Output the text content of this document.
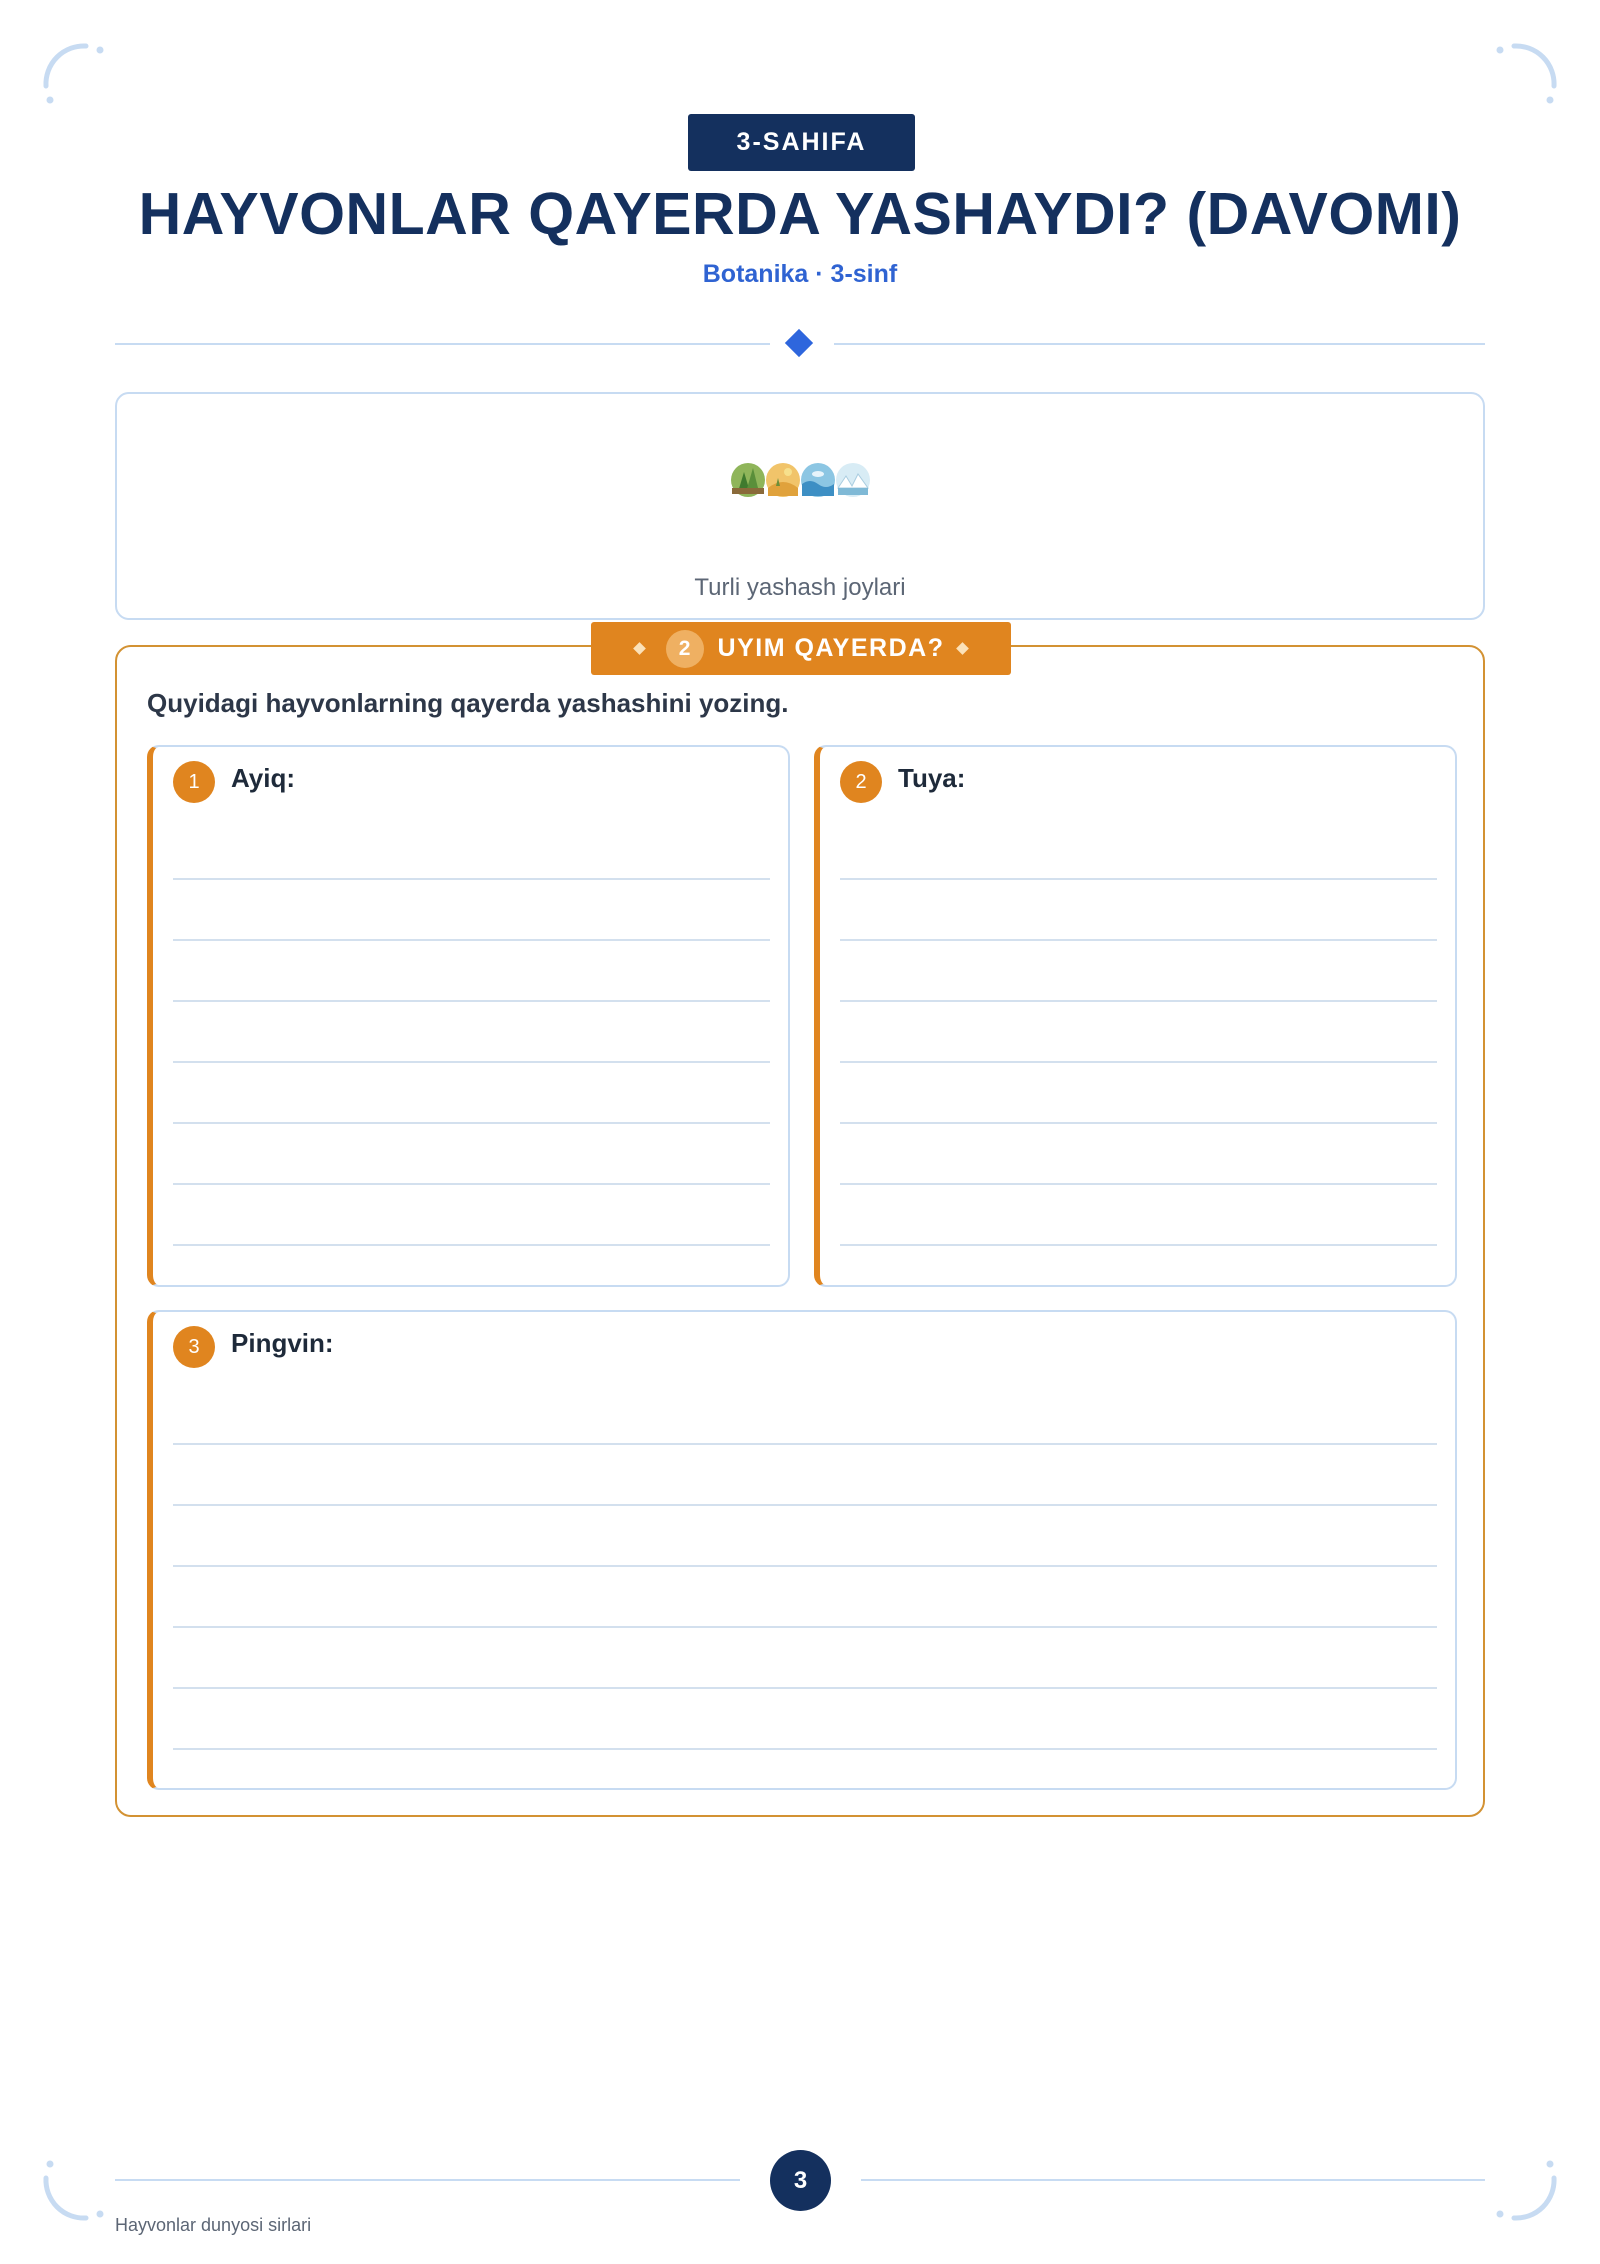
3-SAHIFA
HAYVONLAR QAYERDA YASHAYDI? (DAVOMI)
Botanika · 3-sinf
Turli yashash joylari
2	UYIM QAYERDA?
Quyidagi hayvonlarning qayerda yashashini yozing.
1	Ayiq:	2	Tuya:
3	Pingvin:
3
Hayvonlar dunyosi sirlari
